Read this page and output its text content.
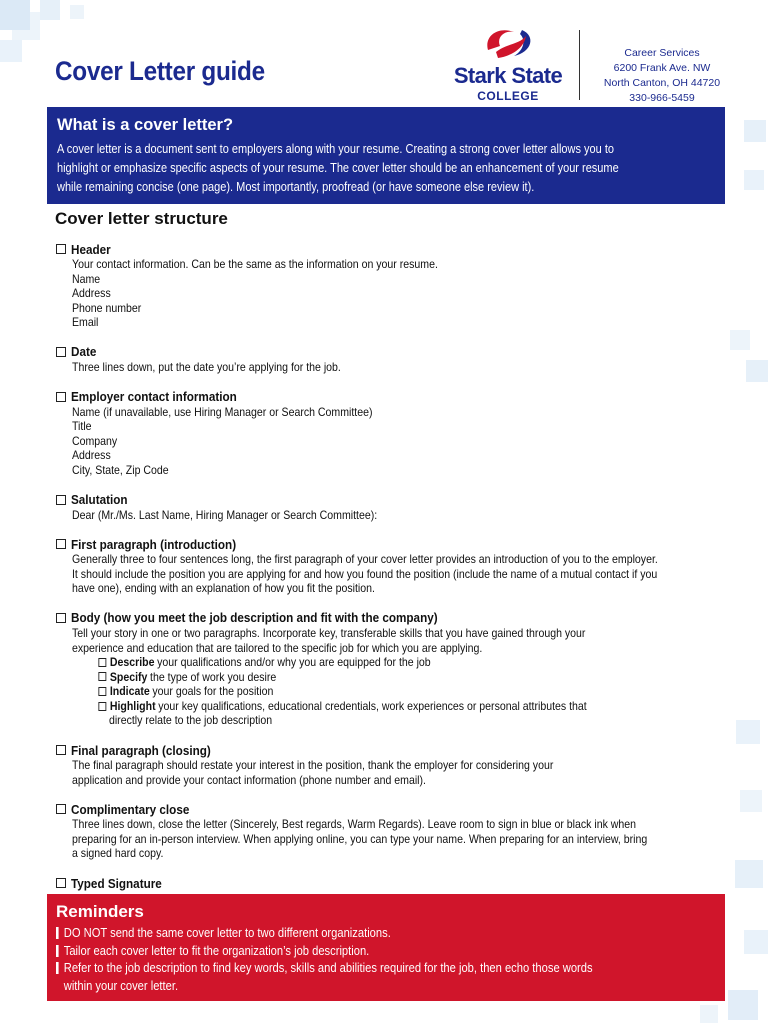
Cover Letter guide	Stark State
COLLEGE
Career Services
6200 Frank Ave. NW
North Canton, OH 44720
330-966-5459
What is a cover letter?

A cover letter is a document sent to employers along with your resume. Creating a strong cover letter allows you to
highlight or emphasize specific aspects of your resume. The cover letter should be an enhancement of your resume
while remaining concise (one page). Most importantly, proofread (or have someone else review it).

Cover letter structure
Header
Your contact information. Can be the same as the information on your resume.
Name
Address
Phone number
Email
Date
Three lines down, put the date you’re applying for the job.
Employer contact information
Name (if unavailable, use Hiring Manager or Search Committee)
Title
Company
Address
City, State, Zip Code
Salutation
Dear (Mr./Ms. Last Name, Hiring Manager or Search Committee):
First paragraph (introduction)
Generally three to four sentences long, the first paragraph of your cover letter provides an introduction of you to the employer.
It should include the position you are applying for and how you found the position (include the name of a mutual contact if you
have one), ending with an explanation of how you fit the position.
Body (how you meet the job description and fit with the company)
Tell your story in one or two paragraphs. Incorporate key, transferable skills that you have gained through your
experience and education that are tailored to the specific job for which you are applying.
Describe your qualifications and/or why you are equipped for the job
Specify the type of work you desire
Indicate your goals for the position
Highlight your key qualifications, educational credentials, work experiences or personal attributes that
directly relate to the job description
Final paragraph (closing)
The final paragraph should restate your interest in the position, thank the employer for considering your
application and provide your contact information (phone number and email).
Complimentary close
Three lines down, close the letter (Sincerely, Best regards, Warm Regards). Leave room to sign in blue or black ink when
preparing for an in-person interview. When applying online, you can type your name. When preparing for an interview, bring
a signed hard copy.
Typed Signature
Reminders
DO NOT send the same cover letter to two different organizations.
Tailor each cover letter to fit the organization’s job description.
Refer to the job description to find key words, skills and abilities required for the job, then echo those words
within your cover letter.
